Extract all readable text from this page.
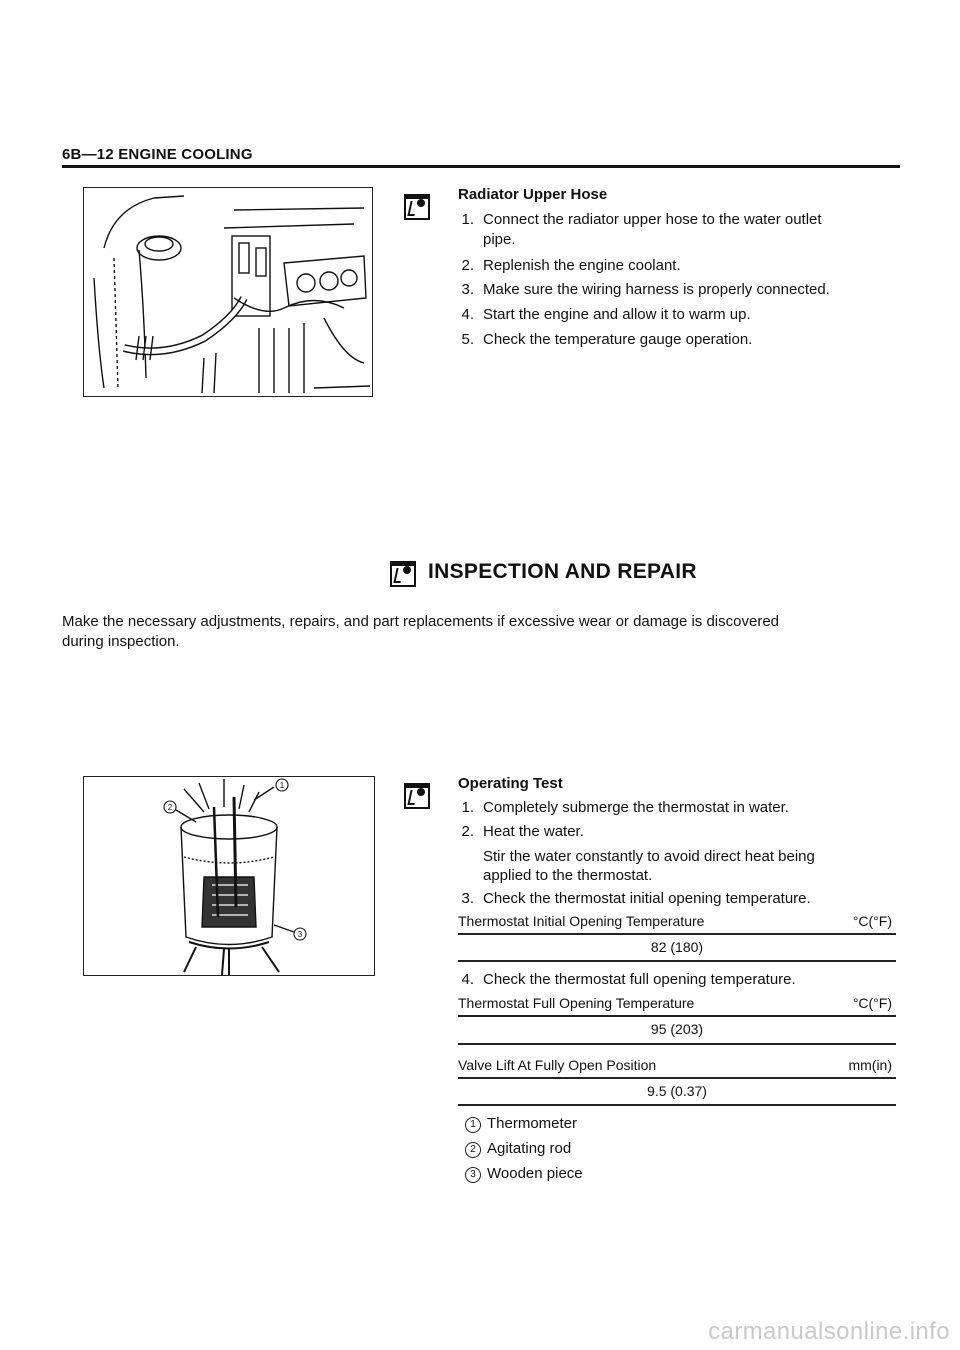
6B—12 ENGINE COOLING
Radiator Upper Hose
1. Connect the radiator upper hose to the water outlet
pipe.
2. Replenish the engine coolant.
3. Make sure the wiring harness is properly connected.
4. Start the engine and allow it to warm up.
5. Check the temperature gauge operation.
INSPECTION AND REPAIR
Make the necessary adjustments, repairs, and part replacements if excessive wear or damage is discovered
during inspection.
1
2
3
Operating Test
1. Completely submerge the thermostat in water.
2. Heat the water.
Stir the water constantly to avoid direct heat being
applied to the thermostat.
3. Check the thermostat initial opening temperature.
Thermostat Initial Opening Temperature	°C(°F)
82 (180)
4. Check the thermostat full opening temperature.
Thermostat Full Opening Temperature	°C(°F)
95 (203)
Valve Lift At Fully Open Position	mm(in)
9.5 (0.37)
1 Thermometer
2 Agitating rod
3 Wooden piece
carmanualsonline.info
